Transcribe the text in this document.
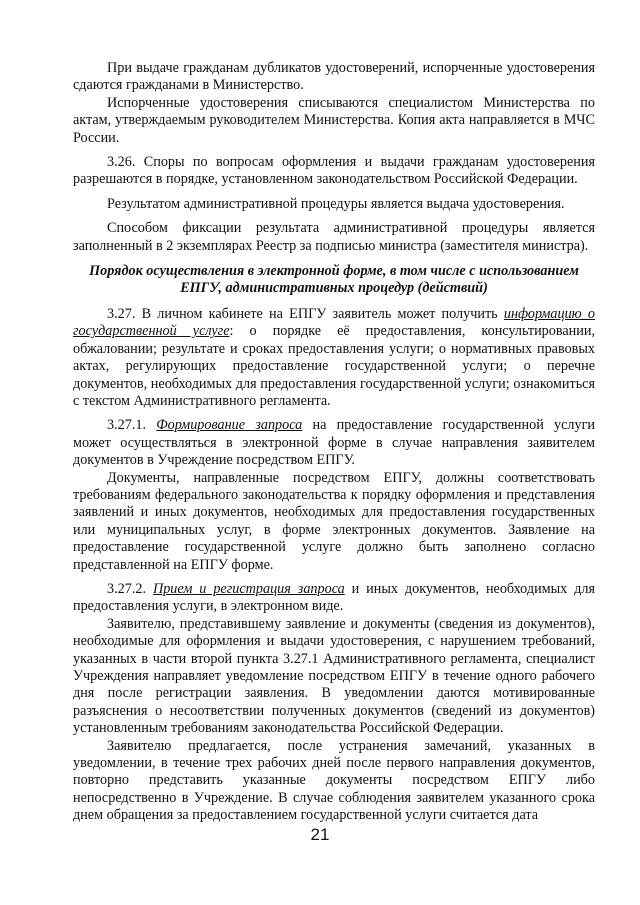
При выдаче гражданам дубликатов удостоверений, испорченные удостоверения сдаются гражданами в Министерство.

Испорченные удостоверения списываются специалистом Министерства по актам, утверждаемым руководителем Министерства. Копия акта направляется в МЧС России.

3.26. Споры по вопросам оформления и выдачи гражданам удостоверения разрешаются в порядке, установленном законодательством Российской Федерации.

Результатом административной процедуры является выдача удостоверения.

Способом фиксации результата административной процедуры является заполненный в 2 экземплярах Реестр за подписью министра (заместителя министра).

Порядок осуществления в электронной форме, в том числе с использованием ЕПГУ, административных процедур (действий)

3.27. В личном кабинете на ЕПГУ заявитель может получить информацию о государственной услуге: о порядке её предоставления, консультировании, обжаловании; результате и сроках предоставления услуги; о нормативных правовых актах, регулирующих предоставление государственной услуги; о перечне документов, необходимых для предоставления государственной услуги; ознакомиться с текстом Административного регламента.

3.27.1. Формирование запроса на предоставление государственной услуги может осуществляться в электронной форме в случае направления заявителем документов в Учреждение посредством ЕПГУ.

Документы, направленные посредством ЕПГУ, должны соответствовать требованиям федерального законодательства к порядку оформления и представления заявлений и иных документов, необходимых для предоставления государственных или муниципальных услуг, в форме электронных документов. Заявление на предоставление государственной услуге должно быть заполнено согласно представленной на ЕПГУ форме.

3.27.2. Прием и регистрация запроса и иных документов, необходимых для предоставления услуги, в электронном виде.

Заявителю, представившему заявление и документы (сведения из документов), необходимые для оформления и выдачи удостоверения, с нарушением требований, указанных в части второй пункта 3.27.1 Административного регламента, специалист Учреждения направляет уведомление посредством ЕПГУ в течение одного рабочего дня после регистрации заявления. В уведомлении даются мотивированные разъяснения о несоответствии полученных документов (сведений из документов) установленным требованиям законодательства Российской Федерации.

Заявителю предлагается, после устранения замечаний, указанных в уведомлении, в течение трех рабочих дней после первого направления документов, повторно представить указанные документы посредством ЕПГУ либо непосредственно в Учреждение. В случае соблюдения заявителем указанного срока днем обращения за предоставлением государственной услуги считается дата

21
